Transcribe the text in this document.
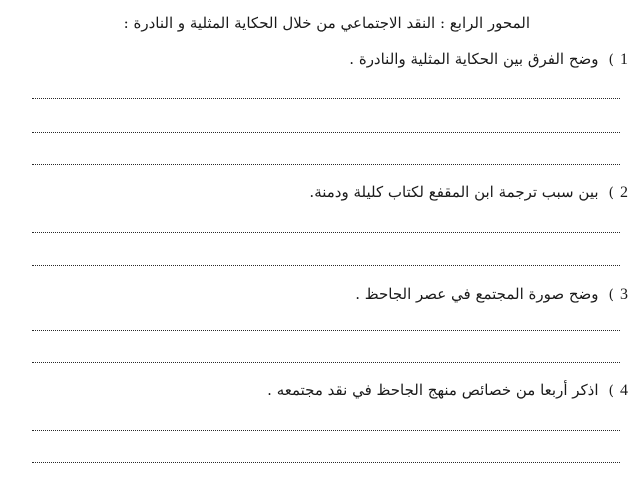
المحور الرابع : النقد الاجتماعي من خلال الحكاية المثلية و النادرة :
1
)
وضح الفرق بين الحكاية المثلية والنادرة .
2
)
بين سبب ترجمة ابن المقفع لكتاب كليلة ودمنة.
3
)
وضح صورة المجتمع في عصر الجاحظ .
4
)
اذكر أربعا من خصائص منهج الجاحظ في نقد مجتمعه .
